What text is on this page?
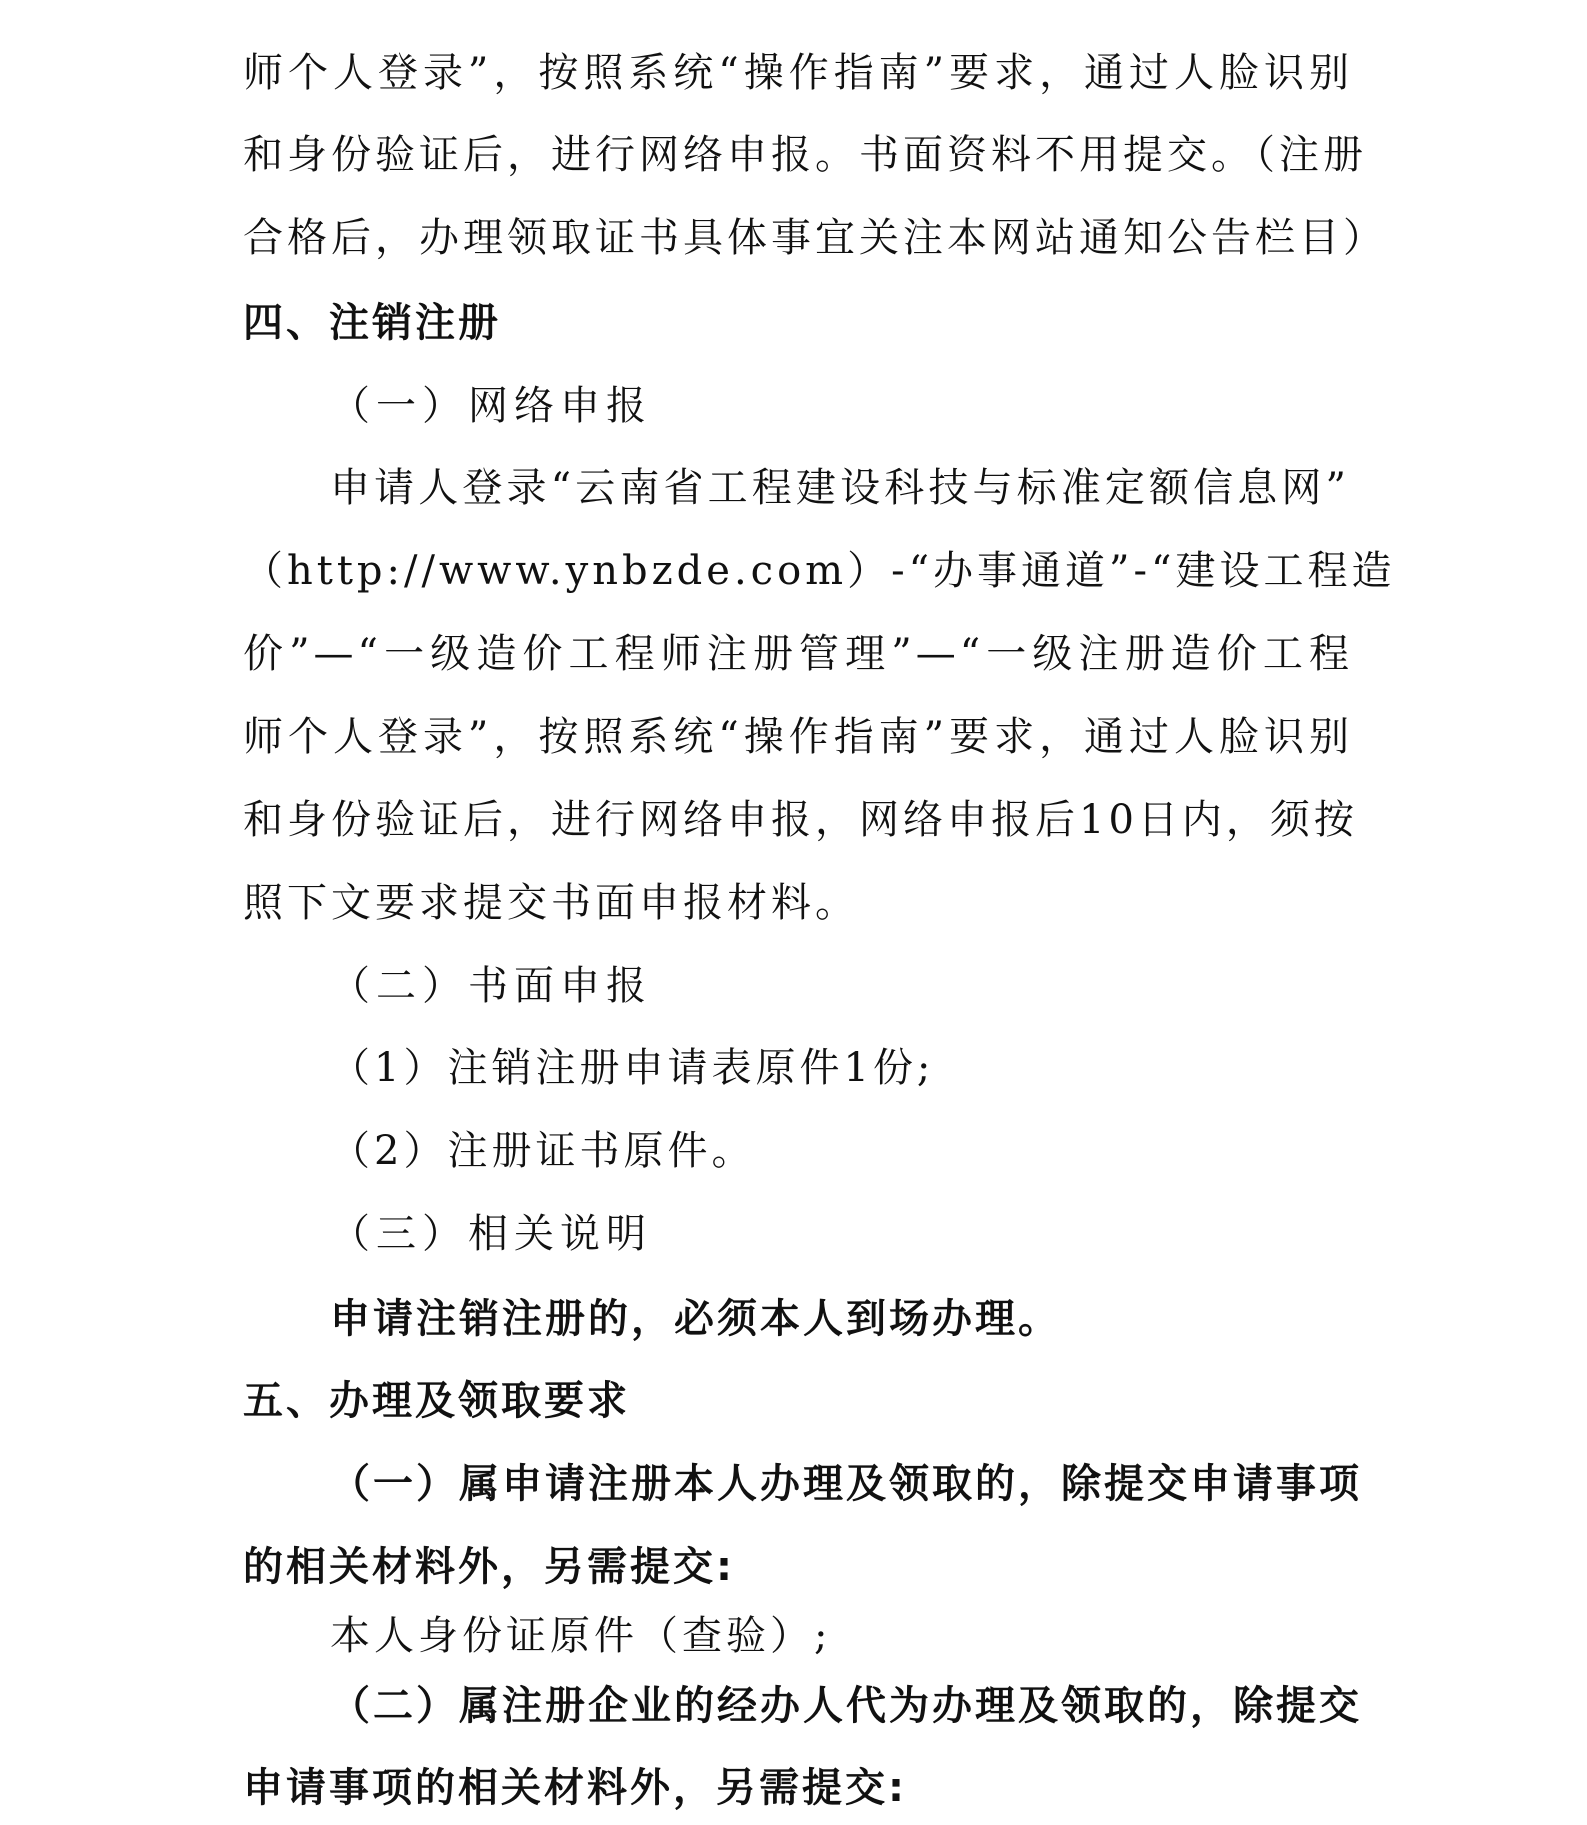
师个人登录”，按照系统“操作指南”要求，通过人脸识别
和身份验证后，进行网络申报。书面资料不用提交。（注册
合格后，办理领取证书具体事宜关注本网站通知公告栏目）
四、注销注册
（一）网络申报
申请人登录“云南省工程建设科技与标准定额信息网”
（http://www.ynbzde.com）-“办事通道”-“建设工程造
价”—“一级造价工程师注册管理”—“一级注册造价工程
师个人登录”，按照系统“操作指南”要求，通过人脸识别
和身份验证后，进行网络申报，网络申报后10日内，须按
照下文要求提交书面申报材料。
（二）书面申报
（1）注销注册申请表原件1份;
（2）注册证书原件。
（三）相关说明
申请注销注册的，必须本人到场办理。
五、办理及领取要求
（一）属申请注册本人办理及领取的，除提交申请事项
的相关材料外，另需提交:
本人身份证原件（查验）;
（二）属注册企业的经办人代为办理及领取的，除提交
申请事项的相关材料外，另需提交:
